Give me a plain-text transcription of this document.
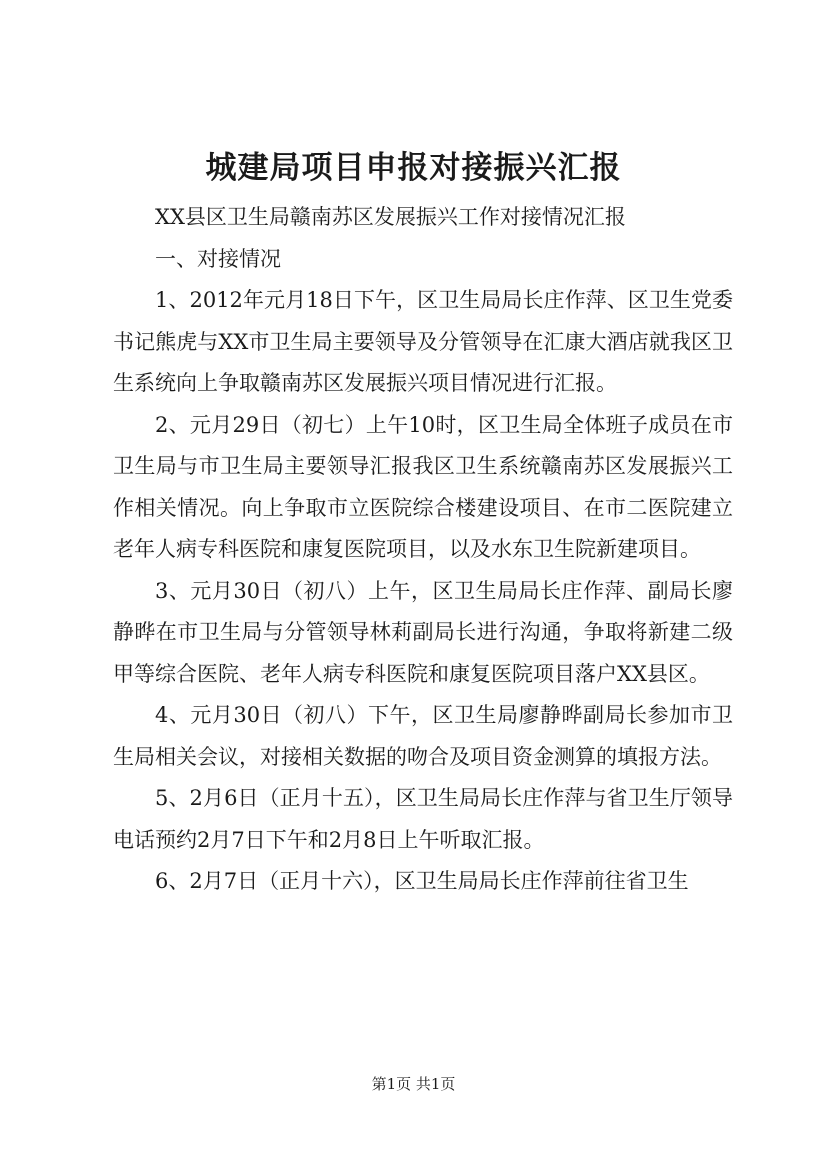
城建局项目申报对接振兴汇报

XX县区卫生局赣南苏区发展振兴工作对接情况汇报

一、对接情况

1、2012年元月18日下午，区卫生局局长庄作萍、区卫生党委书记熊虎与XX市卫生局主要领导及分管领导在汇康大酒店就我区卫生系统向上争取赣南苏区发展振兴项目情况进行汇报。

2、元月29日（初七）上午10时，区卫生局全体班子成员在市卫生局与市卫生局主要领导汇报我区卫生系统赣南苏区发展振兴工作相关情况。向上争取市立医院综合楼建设项目、在市二医院建立老年人病专科医院和康复医院项目，以及水东卫生院新建项目。

3、元月30日（初八）上午，区卫生局局长庄作萍、副局长廖静晔在市卫生局与分管领导林莉副局长进行沟通，争取将新建二级甲等综合医院、老年人病专科医院和康复医院项目落户XX县区。

4、元月30日（初八）下午，区卫生局廖静晔副局长参加市卫生局相关会议，对接相关数据的吻合及项目资金测算的填报方法。

5、2月6日（正月十五），区卫生局局长庄作萍与省卫生厅领导电话预约2月7日下午和2月8日上午听取汇报。

6、2月7日（正月十六），区卫生局局长庄作萍前往省卫生

第1页 共1页
